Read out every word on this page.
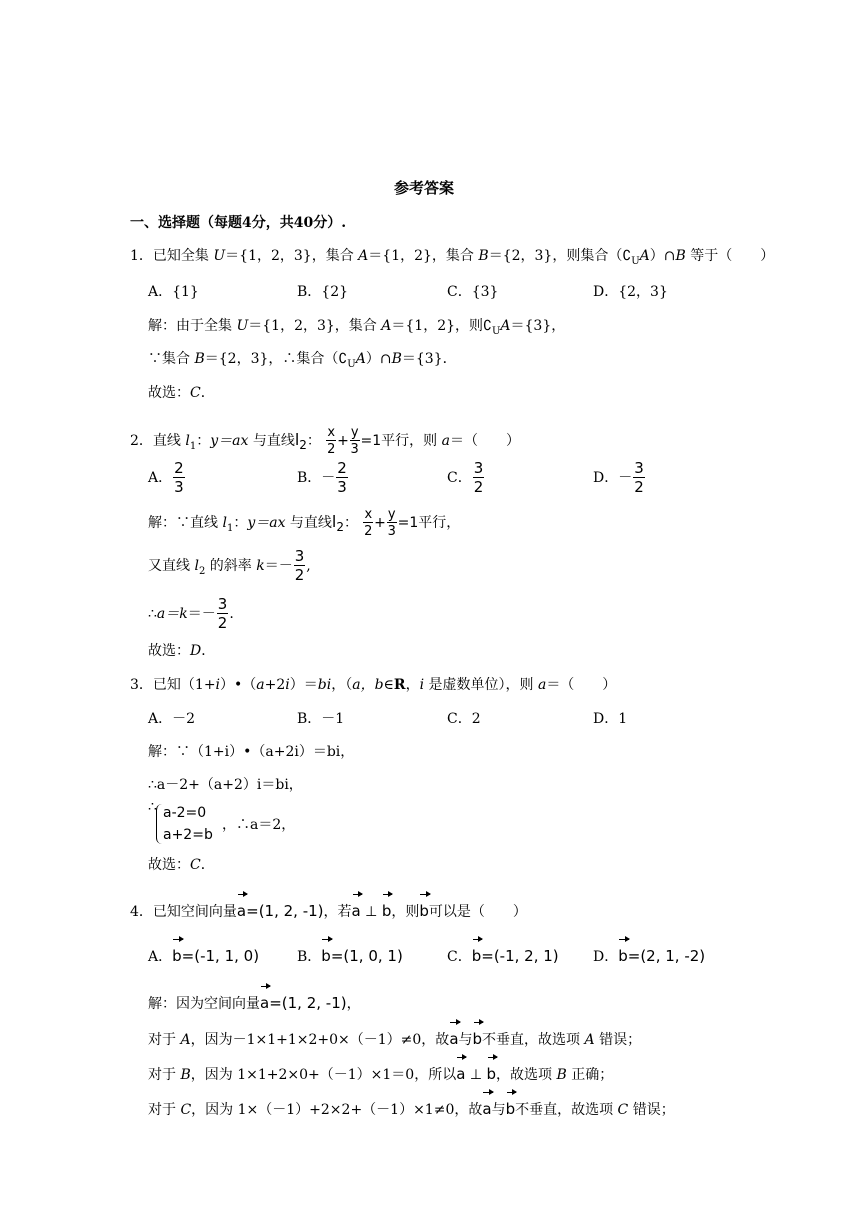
参考答案
一、选择题（每题4分，共40分）.
1．已知全集 U＝{1，2，3}，集合 A＝{1，2}，集合 B＝{2，3}，则集合$(∁_UA)\cap B$ 等于（　　）
A．{1}	B．{2}	C．{3}	D．{2，3}
解：由于全集 U＝{1，2，3}，集合 A＝{1，2}，则$∁_UA=\{3\}$，
∵集合 B＝{2，3}，∴集合$(∁_UA)\cap B=\{3\}$．
故选：C．
2．直线 $l_1$：y＝ax 与直线$l_2$： $\frac{x}{2} + \frac{y}{3} =1$平行，则 a＝（　　）
A． $\frac{2}{3}$	B．－ $\frac{2}{3}$	C． $\frac{3}{2}$	D．－ $\frac{3}{2}$
解：∵直线 $l_1$：y＝ax 与直线$l_2$： $\frac{x}{2} + \frac{y}{3} =1$平行，
又直线 $l_2$ 的斜率 $k=- \frac{3}{2}$ ,
∴a＝k＝－ $\frac{3}{2}$ .
故选：D．
3．已知（1+i）•（a+2i）＝bi，（a，b∈R，i 是虚数单位），则 a＝（　　）
A．－2	B．－1	C．2	D．1
解：∵（1+i）•（a+2i）＝bi，
∴a－2+（a+2）i＝bi，
∴ a-2=0
a+2=b
，∴a＝2，
故选：C．
4．已知空间向量a=(1, 2, -1)，若a ⊥ b，则b可以是（　　）
A．b=(-1, 1, 0)	B．b=(1, 0, 1)	C．b=(-1, 2, 1) D．b=(2, 1, -2)
解：因为空间向量a=(1, 2, -1)，
对于 A，因为－1×1+1×2+0×（－1）≠0，故a与b不垂直，故选项 A 错误；
对于 B，因为 1×1+2×0+（－1）×1＝0，所以a ⊥ b，故选项 B 正确；
对于 C，因为 1×（－1）+2×2+（－1）×1≠0，故a与b不垂直，故选项 C 错误；
